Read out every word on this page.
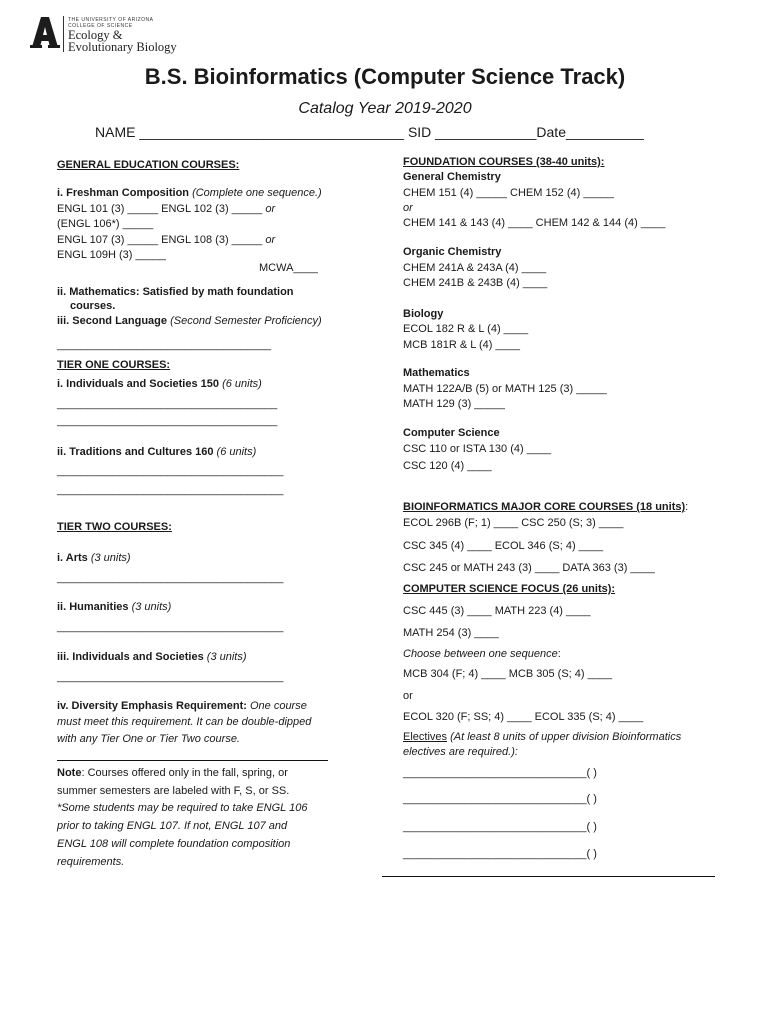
THE UNIVERSITY OF ARIZONA
COLLEGE OF SCIENCE
Ecology &
Evolutionary Biology
B.S. Bioinformatics (Computer Science Track)
Catalog Year 2019-2020
NAME __________________________________ SID _____________Date__________
GENERAL EDUCATION COURSES:
i. Freshman Composition (Complete one sequence.)
ENGL 101 (3) _____ ENGL 102 (3) _____ or
(ENGL 106*) _____
ENGL 107 (3) _____ ENGL 108 (3) _____ or
ENGL 109H (3) _____
MCWA____
ii. Mathematics: Satisfied by math foundation
courses.
iii. Second Language (Second Semester Proficiency)
___________________________________
TIER ONE COURSES:
i. Individuals and Societies 150 (6 units)
____________________________________
____________________________________
ii. Traditions and Cultures 160 (6 units)
_____________________________________
_____________________________________
TIER TWO COURSES:
i. Arts (3 units)
_____________________________________
ii. Humanities (3 units)
_____________________________________
iii. Individuals and Societies (3 units)
_____________________________________
iv. Diversity Emphasis Requirement: One course
must meet this requirement. It can be double-dipped
with any Tier One or Tier Two course.
Note: Courses offered only in the fall, spring, or
summer semesters are labeled with F, S, or SS.
*Some students may be required to take ENGL 106
prior to taking ENGL 107. If not, ENGL 107 and
ENGL 108 will complete foundation composition
requirements.
FOUNDATION COURSES (38-40 units):
General Chemistry
CHEM 151 (4) _____ CHEM 152 (4) _____
or
CHEM 141 & 143 (4) ____ CHEM 142 & 144 (4) ____
Organic Chemistry
CHEM 241A & 243A (4) ____
CHEM 241B & 243B (4) ____
Biology
ECOL 182 R & L (4) ____
MCB 181R & L (4) ____
Mathematics
MATH 122A/B (5) or MATH 125 (3) _____
MATH 129 (3) _____
Computer Science
CSC 110 or ISTA 130 (4) ____
CSC 120 (4) ____
BIOINFORMATICS MAJOR CORE COURSES (18 units):
ECOL 296B (F; 1) ____ CSC 250 (S; 3) ____
CSC 345 (4) ____ ECOL 346 (S; 4) ____
CSC 245 or MATH 243 (3) ____ DATA 363 (3) ____
COMPUTER SCIENCE FOCUS (26 units):
CSC 445 (3) ____ MATH 223 (4) ____
MATH 254 (3) ____
Choose between one sequence:
MCB 304 (F; 4) ____ MCB 305 (S; 4) ____
or
ECOL 320 (F; SS; 4) ____ ECOL 335 (S; 4) ____
Electives (At least 8 units of upper division Bioinformatics
electives are required.):
______________________________( )
______________________________( )
______________________________( )
______________________________( )
